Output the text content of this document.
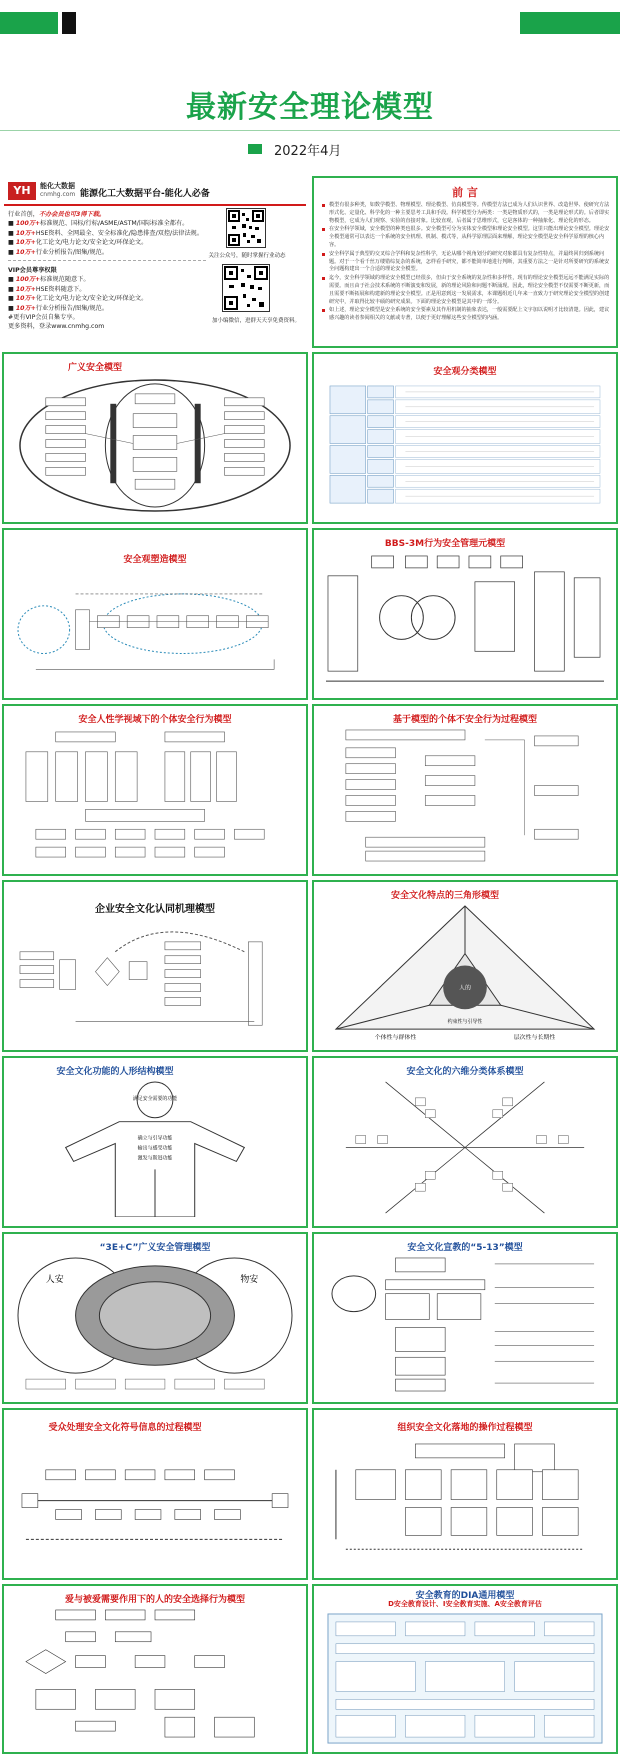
最新安全理论模型
2022年4月
YH	能化大数据
cnmhg.com 能源化工大数据平台-能化人必备
行业首创，不办会员也可3得下载。
■ 100万+标准规范、国标/行标/ASME/ASTM/国际标准全都有。
■ 10万+HSE资料、全网最全、安全标准化/隐患排查/双控/法律法规。
■ 10万+化工论文/电力论文/安全论文/环保论文。
■ 10万+行业分析报告/图集/规范。
VIP会员尊享权限
■ 100万+标准规范随意下。
■ 10万+HSE资料随意下。
■ 10万+化工论文/电力论文/安全论文/环保论文。
■ 10万+行业分析报告/图集/规范。
#更有VIP会员自集专享。
更多资料，登录www.cnmhg.com
关注公众号，随时掌握行业动态
加小编微信，进群天天享免费资料。
前 言

模型有很多种类，如数学模型、物理模型、理论模型、仿真模型等。传模型方法已成为人们认识世界、改造世界、使研究方法形式化、定量化、科学化的一种主要思考工具和手段。科学模型分为两类：一类是物质形式的，一类是理论形式的。后者即实物模型，它成为人们观察、实验的直接对象。比较直观，后者属于思维形式，它是客体的一种抽象化、理论化的形态。

在安全科学领域，安全模型的种类也很多。安全模型可分为实体安全模型和理论安全模型。这里只能出理论安全模型。理论安全模型通常可以表达一个系统的安全机理、机制、模式等，从科学原理层面来理解，理论安全模型是安全科学原理的核心内容。

安全科学属于典型的交叉综合学科和复杂性科学，无论从哪个视角划分的研究对象都具有复杂性特点，并最终回归到系统问题。对于一个看千丝万缕错综复杂的系统，怎样看手研究，都不能简单地进行判断，其重要方法之一是针对所要研究的系统安全问题构建出一个合适的理论安全模型。

迄今，安全科学领域的理论安全模型已经很多，但由于安全系统的复杂性和多样性，现有的理论安全模型远远不能满足实际的需要。而且由于社会技术系统的不断演变和发展，新的理论风险和问题不断涌现。因此，理论安全模型不仅需要不断更新，而且需要不断拓展和构建新的理论安全模型。正是用意到这一发展需求，本课题组近几年来一直致力于研究理论安全模型的创建研究中，并取得比较丰硕的研究成果。下面的理论安全模型是其中的一部分。

如上述，理论安全模型是安全系统的安全要素及其作用机制的抽象表达，一般需要配上文字加以说明才比较清楚。因此，建议感兴趣的读者参阅相关的文献或专著，以便于更好理解这些安全模型的内涵。

广义安全模型	安全观分类模型
安全观塑造模型
BBS-3M行为安全管理元模型
安全人性学视域下的个体安全行为模型	基于模型的个体不安全行为过程模型
企业安全文化认同机理模型
安全文化特点的三角形模型
人的
个体性与群体性	层次性与长期性
约束性与引导性
安全文化功能的人形结构模型
满足安全需要的功能
确立与引导功能
输出与感受功能
激发与斯进功能
安全文化的六维分类体系模型
“3E+C”广义安全管理模型
人安	物安
安全文化宣教的“5-13”模型
受众处理安全文化符号信息的过程模型	组织安全文化落地的操作过程模型
爱与被爱需要作用下的人的安全选择行为模型	安全教育的DIA通用模型
D安全教育设计、I安全教育实施、A安全教育评估
